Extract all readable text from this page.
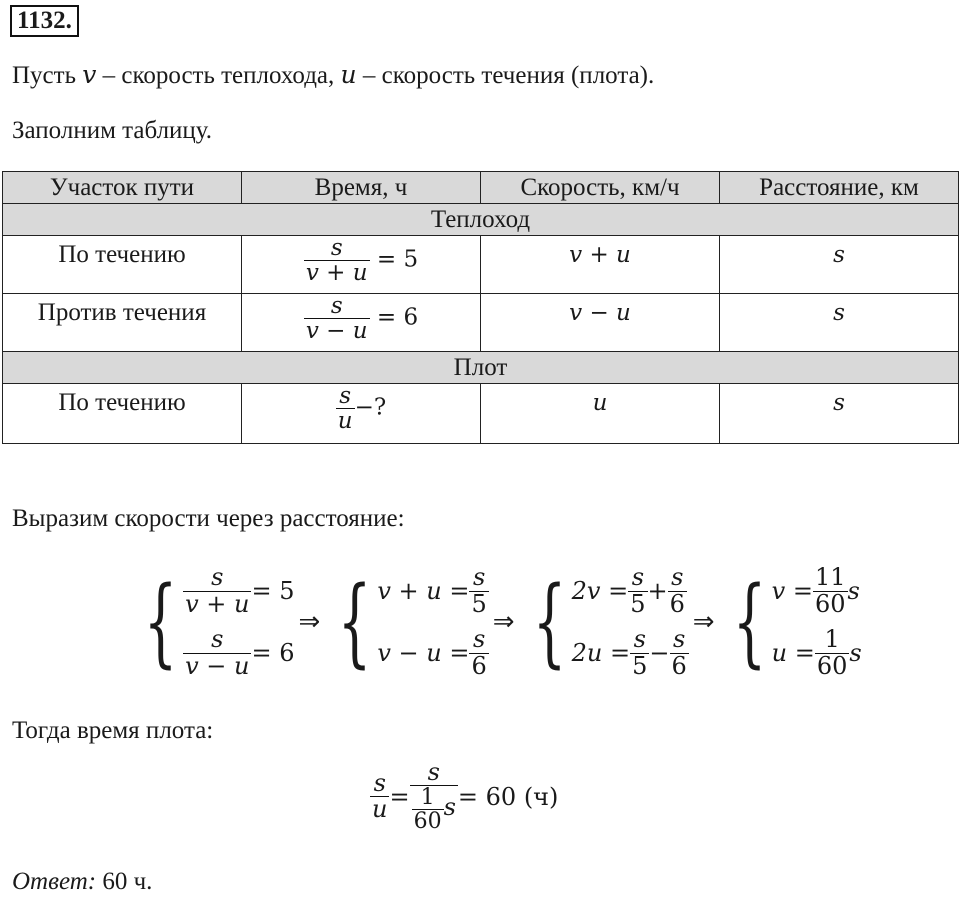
1132.
Пусть v – скорость теплохода, u – скорость течения (плота).
Заполним таблицу.
Участок пути	Время, ч	Скорость, км/ч	Расстояние, км
Теплоход			

По течению	$\frac{s}{v + u} = 5$	v + u	s

Против течения	$\frac{s}{v - u} = 6$	v − u	s

Плот			

По течению	$\frac{s}{u}$ −?	u	s
Выразим скорости через расстояние:
{ $\frac{s}{v + u} = 5$
$\frac{s}{v - u} = 6$
⇒ { $v + u = \frac{s}{5}$
$v - u = \frac{s}{6}$
⇒ { $2v = \frac{s}{5} + \frac{s}{6}$
$2u = \frac{s}{5} - \frac{s}{6}$
⇒ { $v = \frac{11}{60}$ s
$u = \frac{1}{60}$ s
Тогда время плота:
$\frac{s}{u} = \frac{s}{\frac{1}{60} s} = 60$ (ч)
Ответ: 60 ч.
